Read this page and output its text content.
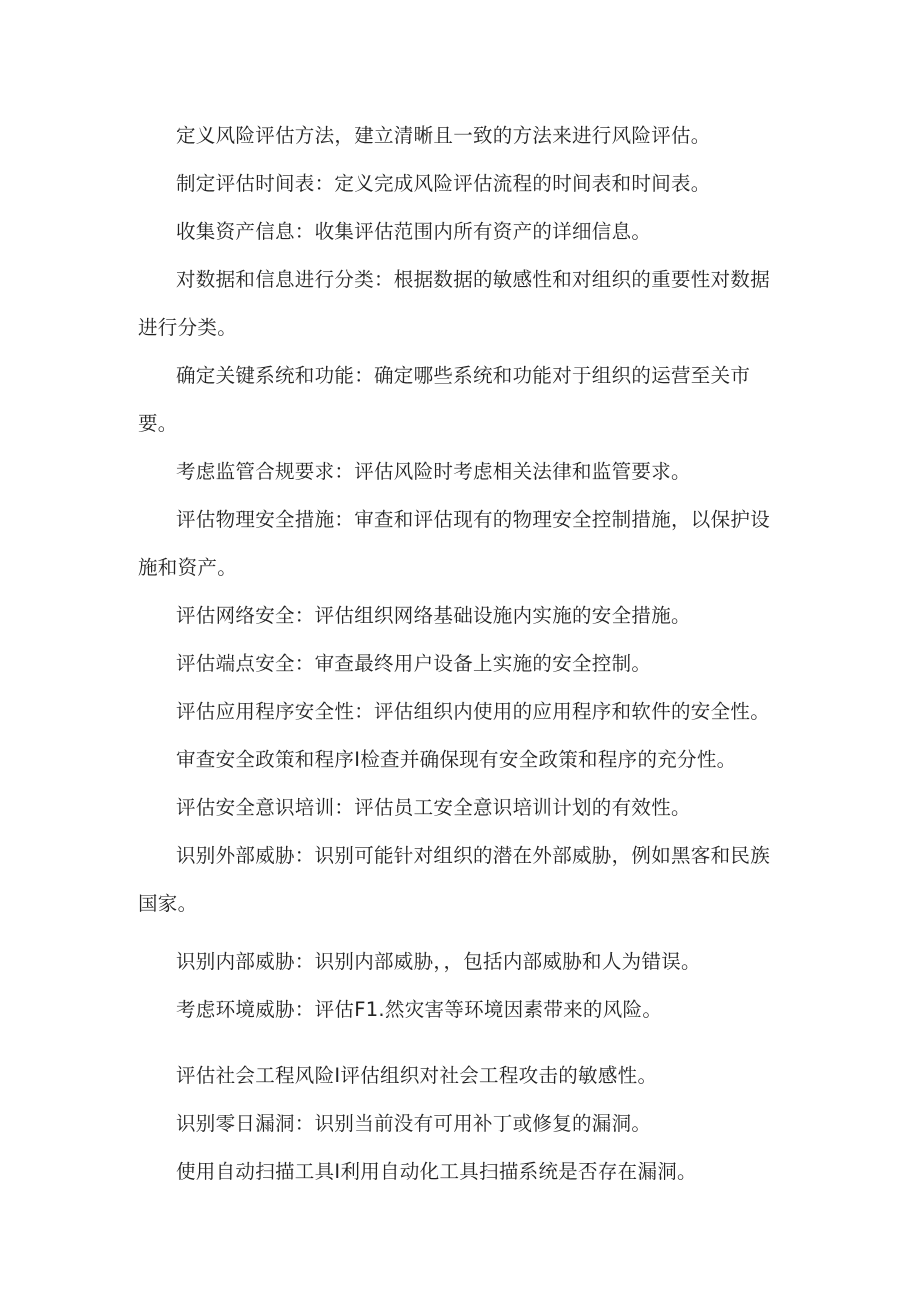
定义风险评估方法，建立清晰且一致的方法来进行风险评估。

制定评估时间表：定义完成风险评估流程的时间表和时间表。

收集资产信息：收集评估范围内所有资产的详细信息。

对数据和信息进行分类：根据数据的敏感性和对组织的重要性对数据进行分类。

确定关键系统和功能：确定哪些系统和功能对于组织的运营至关市要。

考虑监管合规要求：评估风险时考虑相关法律和监管要求。

评估物理安全措施：审查和评估现有的物理安全控制措施，以保护设施和资产。

评估网络安全：评估组织网络基础设施内实施的安全措施。

评估端点安全：审查最终用户设备上实施的安全控制。

评估应用程序安全性：评估组织内使用的应用程序和软件的安全性。

审查安全政策和程序I检查并确保现有安全政策和程序的充分性。

评估安全意识培训：评估员工安全意识培训计划的有效性。

识别外部威胁：识别可能针对组织的潜在外部威胁，例如黑客和民族国家。

识别内部威胁：识别内部威胁，，包括内部威胁和人为错误。

考虑环境威胁：评估F1.然灾害等环境因素带来的风险。

评估社会工程风险I评估组织对社会工程攻击的敏感性。

识别零日漏洞：识别当前没有可用补丁或修复的漏洞。

使用自动扫描工具I利用自动化工具扫描系统是否存在漏洞。
